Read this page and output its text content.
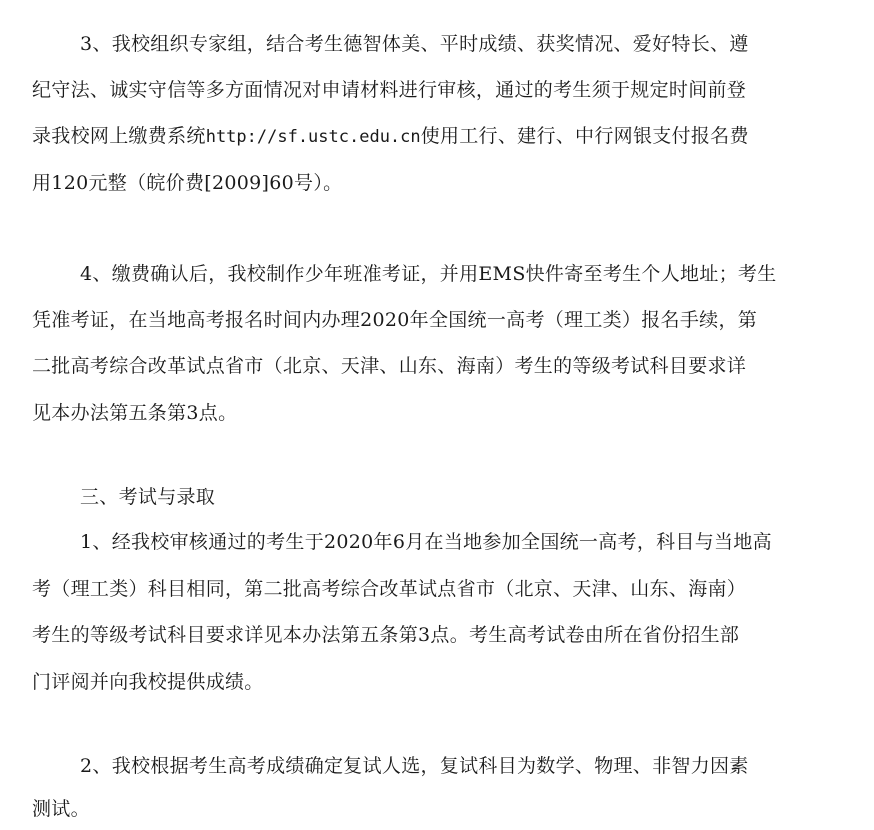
3、我校组织专家组，结合考生德智体美、平时成绩、获奖情况、爱好特长、遵
纪守法、诚实守信等多方面情况对申请材料进行审核，通过的考生须于规定时间前登
录我校网上缴费系统http://sf.ustc.edu.cn使用工行、建行、中行网银支付报名费
用120元整（皖价费[2009]60号）。
4、缴费确认后，我校制作少年班准考证，并用EMS快件寄至考生个人地址；考生
凭准考证，在当地高考报名时间内办理2020年全国统一高考（理工类）报名手续，第
二批高考综合改革试点省市（北京、天津、山东、海南）考生的等级考试科目要求详
见本办法第五条第3点。
三、考试与录取
1、经我校审核通过的考生于2020年6月在当地参加全国统一高考，科目与当地高
考（理工类）科目相同，第二批高考综合改革试点省市（北京、天津、山东、海南）
考生的等级考试科目要求详见本办法第五条第3点。考生高考试卷由所在省份招生部
门评阅并向我校提供成绩。
2、我校根据考生高考成绩确定复试人选，复试科目为数学、物理、非智力因素
测试。
